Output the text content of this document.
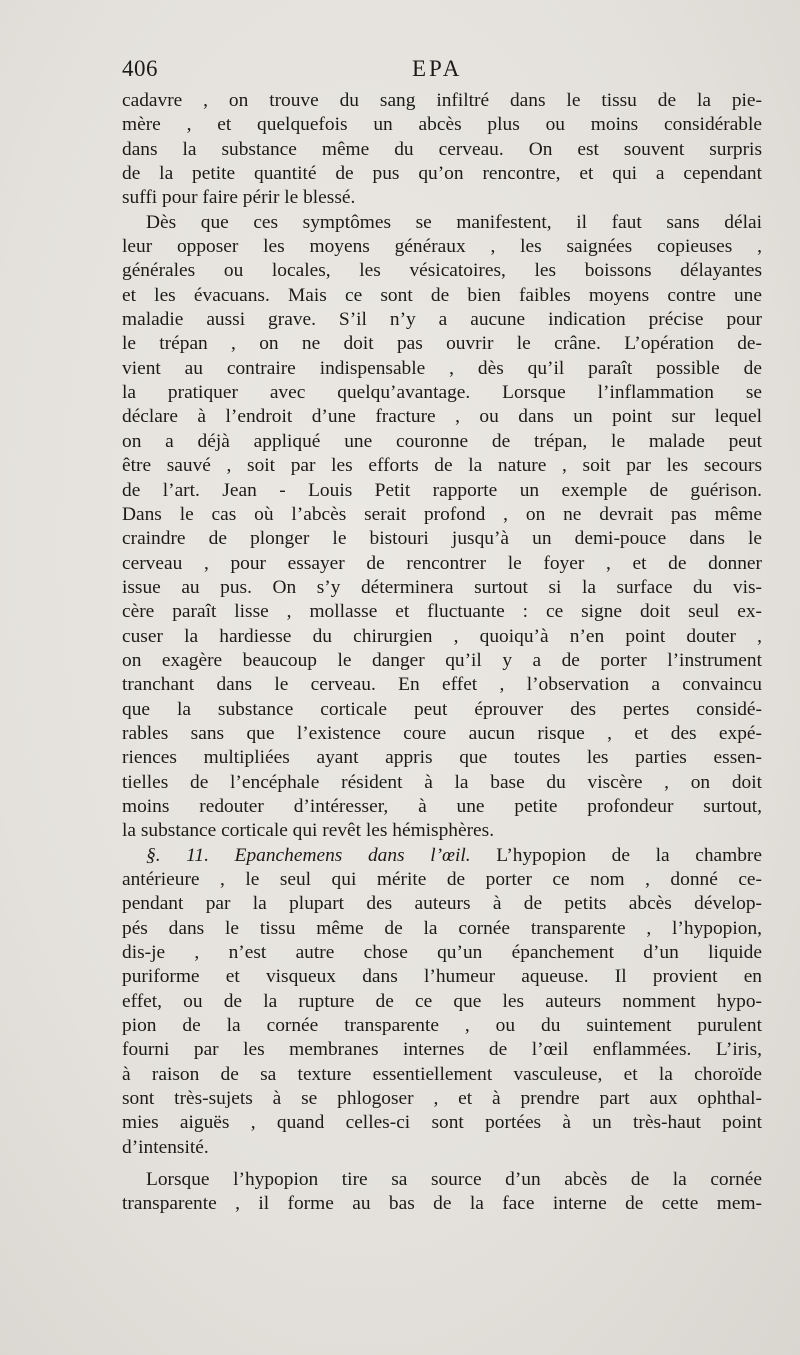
406	EPA
cadavre , on trouve du sang infiltré dans le tissu de la pie-
mère , et quelquefois un abcès plus ou moins considérable
dans la substance même du cerveau. On est souvent surpris
de la petite quantité de pus qu’on rencontre, et qui a cependant
suffi pour faire périr le blessé.
Dès que ces symptômes se manifestent, il faut sans délai
leur opposer les moyens généraux , les saignées copieuses ,
générales ou locales, les vésicatoires, les boissons délayantes
et les évacuans. Mais ce sont de bien faibles moyens contre une
maladie aussi grave. S’il n’y a aucune indication précise pour
le trépan , on ne doit pas ouvrir le crâne. L’opération de-
vient au contraire indispensable , dès qu’il paraît possible de
la pratiquer avec quelqu’avantage. Lorsque l’inflammation se
déclare à l’endroit d’une fracture , ou dans un point sur lequel
on a déjà appliqué une couronne de trépan, le malade peut
être sauvé , soit par les efforts de la nature , soit par les secours
de l’art. Jean - Louis Petit rapporte un exemple de guérison.
Dans le cas où l’abcès serait profond , on ne devrait pas même
craindre de plonger le bistouri jusqu’à un demi-pouce dans le
cerveau , pour essayer de rencontrer le foyer , et de donner
issue au pus. On s’y déterminera surtout si la surface du vis-
cère paraît lisse , mollasse et fluctuante : ce signe doit seul ex-
cuser la hardiesse du chirurgien , quoiqu’à n’en point douter ,
on exagère beaucoup le danger qu’il y a de porter l’instrument
tranchant dans le cerveau. En effet , l’observation a convaincu
que la substance corticale peut éprouver des pertes considé-
rables sans que l’existence coure aucun risque , et des expé-
riences multipliées ayant appris que toutes les parties essen-
tielles de l’encéphale résident à la base du viscère , on doit
moins redouter d’intéresser, à une petite profondeur surtout,
la substance corticale qui revêt les hémisphères.
§. 11. Epanchemens dans l’œil. L’hypopion de la chambre
antérieure , le seul qui mérite de porter ce nom , donné ce-
pendant par la plupart des auteurs à de petits abcès dévelop-
pés dans le tissu même de la cornée transparente , l’hypopion,
dis-je , n’est autre chose qu’un épanchement d’un liquide
puriforme et visqueux dans l’humeur aqueuse. Il provient en
effet, ou de la rupture de ce que les auteurs nomment hypo-
pion de la cornée transparente , ou du suintement purulent
fourni par les membranes internes de l’œil enflammées. L’iris,
à raison de sa texture essentiellement vasculeuse, et la choroïde
sont très-sujets à se phlogoser , et à prendre part aux ophthal-
mies aiguës , quand celles-ci sont portées à un très-haut point
d’intensité.
Lorsque l’hypopion tire sa source d’un abcès de la cornée
transparente , il forme au bas de la face interne de cette mem-
